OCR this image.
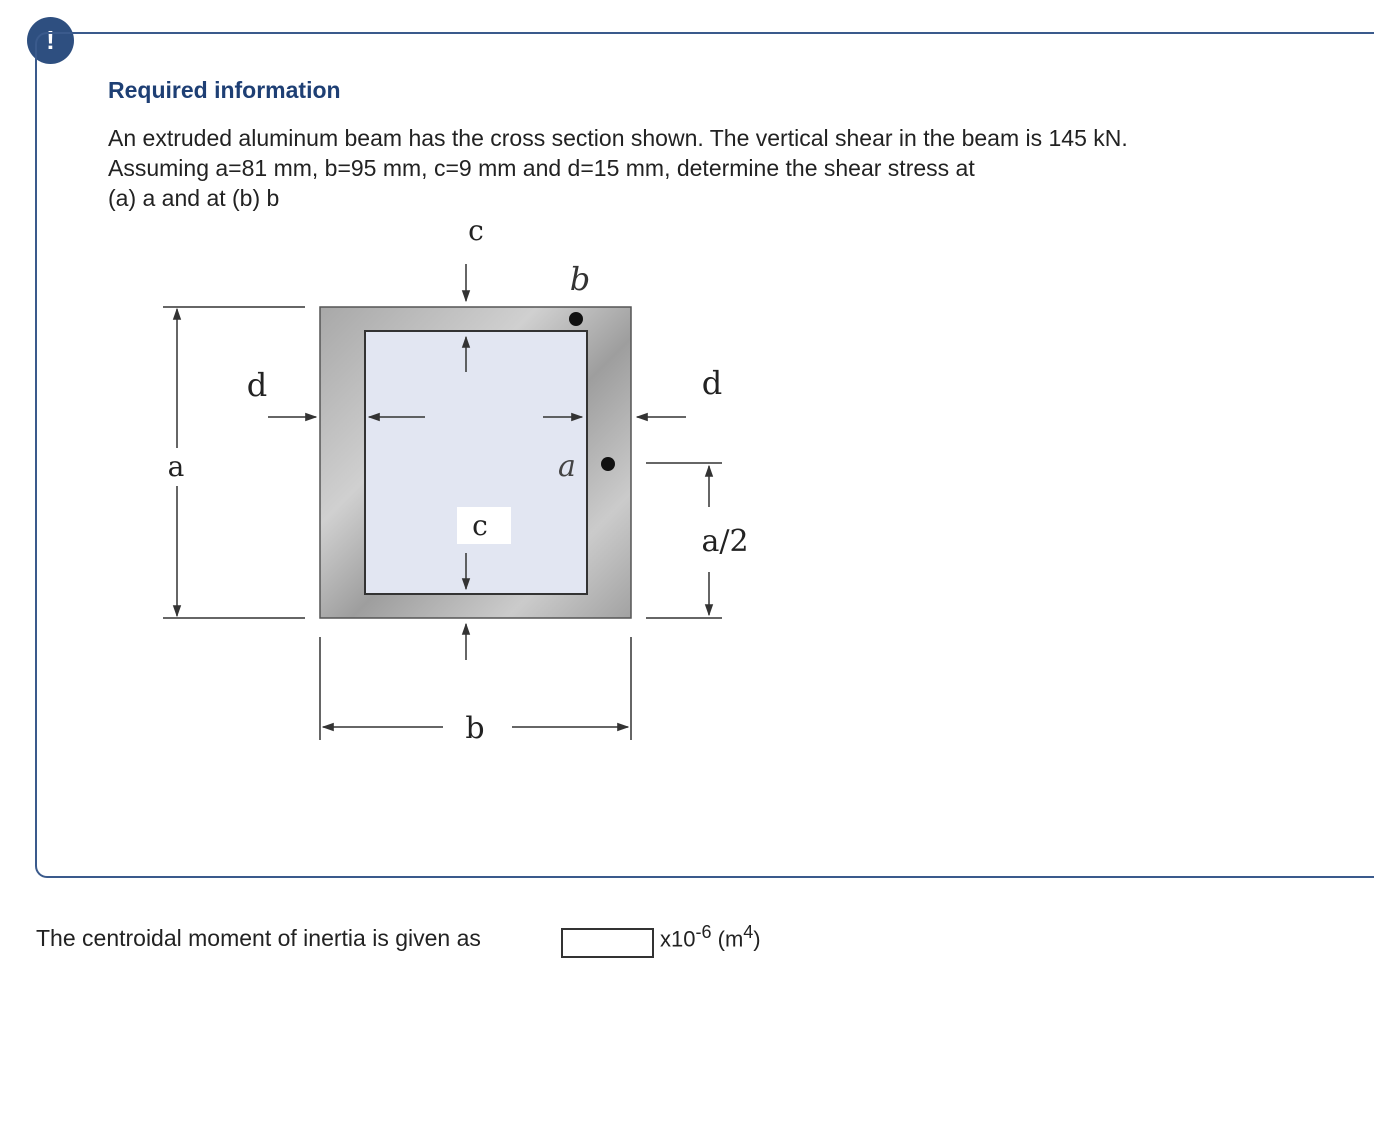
!
Required information
An extruded aluminum beam has the cross section shown. The vertical shear in the beam is 145 kN.
Assuming a=81 mm, b=95 mm, c=9 mm and d=15 mm, determine the shear stress at
(a) a and at (b) b
c
b
d	d
a	a
c	a/2
b
The centroidal moment of inertia is given as	$x10^{-6}$ $(m^4)$
